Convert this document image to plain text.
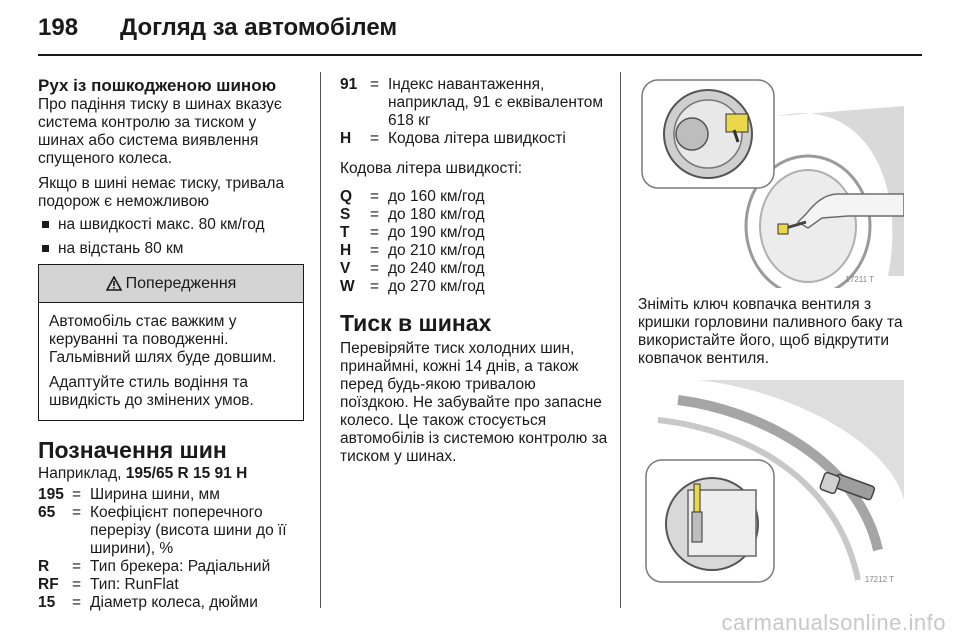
198 Догляд за автомобілем
Рух із пошкодженою шиною

Про падіння тиску в шинах вказує система контролю за тиском у шинах або система виявлення спущеного колеса.

Якщо в шині немає тиску, тривала подорож є неможливою

на швидкості макс. 80 км/год
на відстань 80 км
Попередження

Автомобіль стає важким у керуванні та поводженні. Гальмівний шлях буде довшим.

Адаптуйте стиль водіння та швидкість до змінених умов.

Позначення шин

Наприклад, 195/65 R 15 91 H

195	=	Ширина шини, мм
65	=	Коефіцієнт поперечного перерізу (висота шини до її ширини), %
R	=	Тип брекера: Радіальний
RF	=	Тип: RunFlat
15	=	Діаметр колеса, дюйми
91	=	Індекс навантаження, наприклад, 91 є еквівалентом 618 кг
H	=	Кодова літера швидкості

Кодова літера швидкості:

Q	=	до 160 км/год
S	=	до 180 км/год
T	=	до 190 км/год
H	=	до 210 км/год
V	=	до 240 км/год
W	=	до 270 км/год
Тиск в шинах

Перевіряйте тиск холодних шин, принаймні, кожні 14 днів, а також перед будь-якою тривалою поїздкою. Не забувайте про запасне колесо. Це також стосується автомобілів із системою контролю за тиском у шинах.

17211 T
Зніміть ключ ковпачка вентиля з кришки горловини паливного баку та використайте його, щоб відкрутити ковпачок вентиля.
17212 T
carmanualsonline.info
